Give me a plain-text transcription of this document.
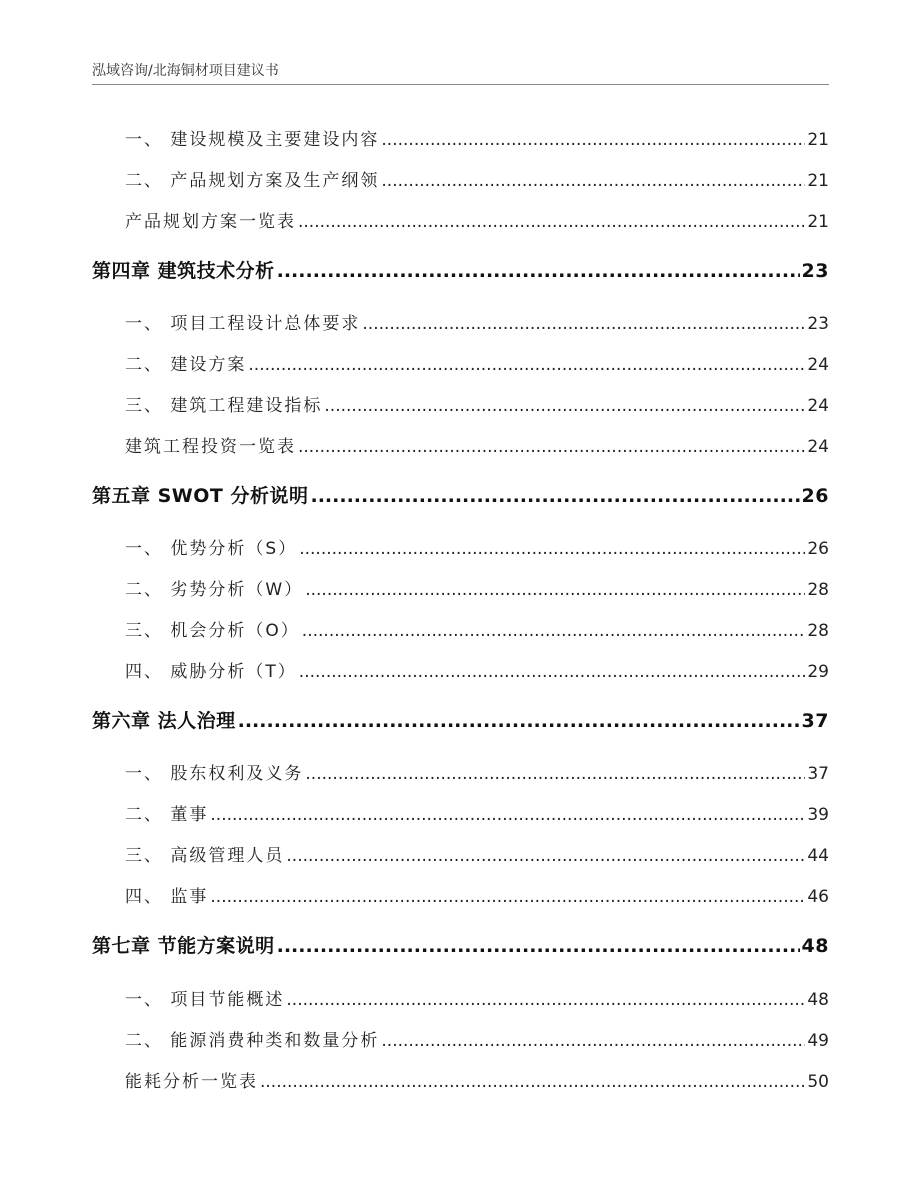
泓域咨询/北海铜材项目建议书
一、 建设规模及主要建设内容 .....	21
二、 产品规划方案及生产纲领 .....	21
产品规划方案一览表 .....	21
第四章 建筑技术分析 .....	23
一、 项目工程设计总体要求 .....	23
二、 建设方案 .....	24
三、 建筑工程建设指标 .....	24
建筑工程投资一览表 .....	24
第五章 SWOT 分析说明 .....	26
一、 优势分析（S） .....	26
二、 劣势分析（W） .....	28
三、 机会分析（O） .....	28
四、 威胁分析（T） .....	29
第六章 法人治理 .....	37
一、 股东权利及义务 .....	37
二、 董事 .....	39
三、 高级管理人员 .....	44
四、 监事 .....	46
第七章 节能方案说明 .....	48
一、 项目节能概述 .....	48
二、 能源消费种类和数量分析 .....	49
能耗分析一览表 .....	50
